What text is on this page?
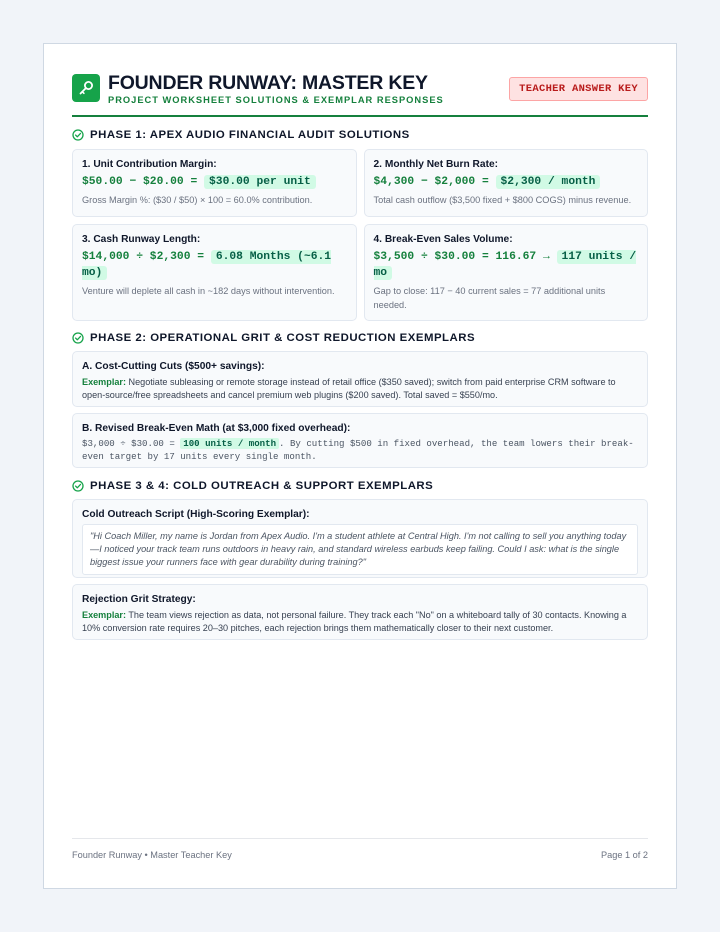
FOUNDER RUNWAY: MASTER KEY
PROJECT WORKSHEET SOLUTIONS & EXEMPLAR RESPONSES
TEACHER ANSWER KEY
PHASE 1: APEX AUDIO FINANCIAL AUDIT SOLUTIONS
1. Unit Contribution Margin:
$50.00 − $20.00 = $30.00 per unit
Gross Margin %: ($30 / $50) × 100 = 60.0% contribution.
2. Monthly Net Burn Rate:
$4,300 − $2,000 = $2,300 / month
Total cash outflow ($3,500 fixed + $800 COGS) minus revenue.
3. Cash Runway Length:
$14,000 ÷ $2,300 = 6.08 Months (~6.1 mo)
Venture will deplete all cash in ~182 days without intervention.
4. Break-Even Sales Volume:
$3,500 ÷ $30.00 = 116.67 → 117 units / mo
Gap to close: 117 − 40 current sales = 77 additional units needed.
PHASE 2: OPERATIONAL GRIT & COST REDUCTION EXEMPLARS
A. Cost-Cutting Cuts ($500+ savings):
Exemplar: Negotiate subleasing or remote storage instead of retail office ($350 saved); switch from paid enterprise CRM software to open-source/free spreadsheets and cancel premium web plugins ($200 saved). Total saved = $550/mo.
B. Revised Break-Even Math (at $3,000 fixed overhead):
$3,000 ÷ $30.00 = 100 units / month . By cutting $500 in fixed overhead, the team lowers their break-even target by 17 units every single month.
PHASE 3 & 4: COLD OUTREACH & SUPPORT EXEMPLARS
Cold Outreach Script (High-Scoring Exemplar):
"Hi Coach Miller, my name is Jordan from Apex Audio. I'm a student athlete at Central High. I'm not calling to sell you anything today—I noticed your track team runs outdoors in heavy rain, and standard wireless earbuds keep failing. Could I ask: what is the single biggest issue your runners face with gear durability during training?"
Rejection Grit Strategy:
Exemplar: The team views rejection as data, not personal failure. They track each "No" on a whiteboard tally of 30 contacts. Knowing a 10% conversion rate requires 20–30 pitches, each rejection brings them mathematically closer to their next customer.
Founder Runway • Master Teacher Key	Page 1 of 2
